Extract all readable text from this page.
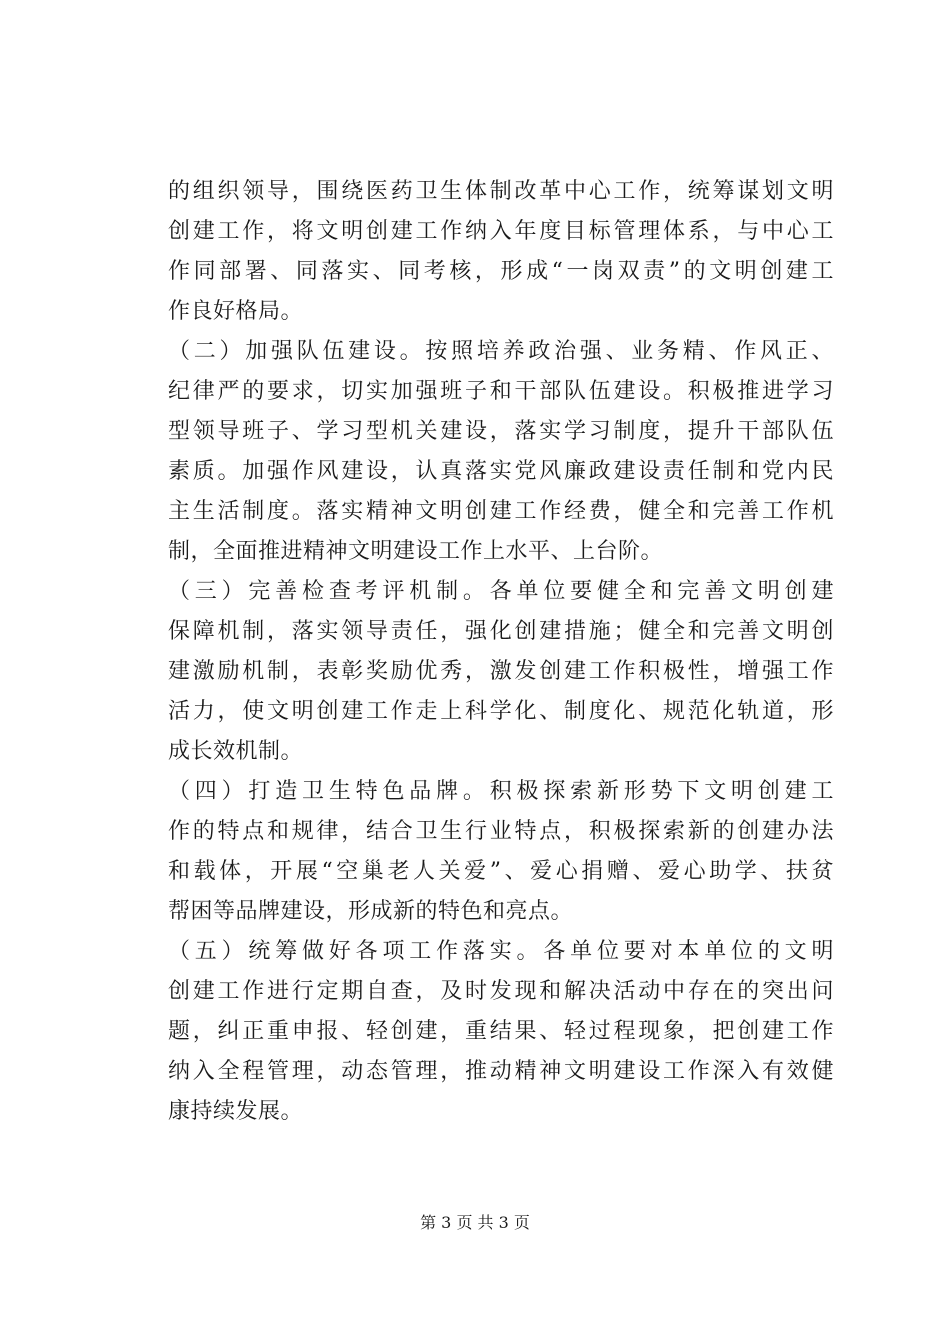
的组织领导，围绕医药卫生体制改革中心工作，统筹谋划文明
创建工作，将文明创建工作纳入年度目标管理体系，与中心工
作同部署、同落实、同考核，形成“一岗双责”的文明创建工
作良好格局。
（二）加强队伍建设。按照培养政治强、业务精、作风正、
纪律严的要求，切实加强班子和干部队伍建设。积极推进学习
型领导班子、学习型机关建设，落实学习制度，提升干部队伍
素质。加强作风建设，认真落实党风廉政建设责任制和党内民
主生活制度。落实精神文明创建工作经费，健全和完善工作机
制，全面推进精神文明建设工作上水平、上台阶。
（三）完善检查考评机制。各单位要健全和完善文明创建
保障机制，落实领导责任，强化创建措施；健全和完善文明创
建激励机制，表彰奖励优秀，激发创建工作积极性，增强工作
活力，使文明创建工作走上科学化、制度化、规范化轨道，形
成长效机制。
（四）打造卫生特色品牌。积极探索新形势下文明创建工
作的特点和规律，结合卫生行业特点，积极探索新的创建办法
和载体，开展“空巢老人关爱”、爱心捐赠、爱心助学、扶贫
帮困等品牌建设，形成新的特色和亮点。
（五）统筹做好各项工作落实。各单位要对本单位的文明
创建工作进行定期自查，及时发现和解决活动中存在的突出问
题，纠正重申报、轻创建，重结果、轻过程现象，把创建工作
纳入全程管理，动态管理，推动精神文明建设工作深入有效健
康持续发展。
第 3 页 共 3 页
